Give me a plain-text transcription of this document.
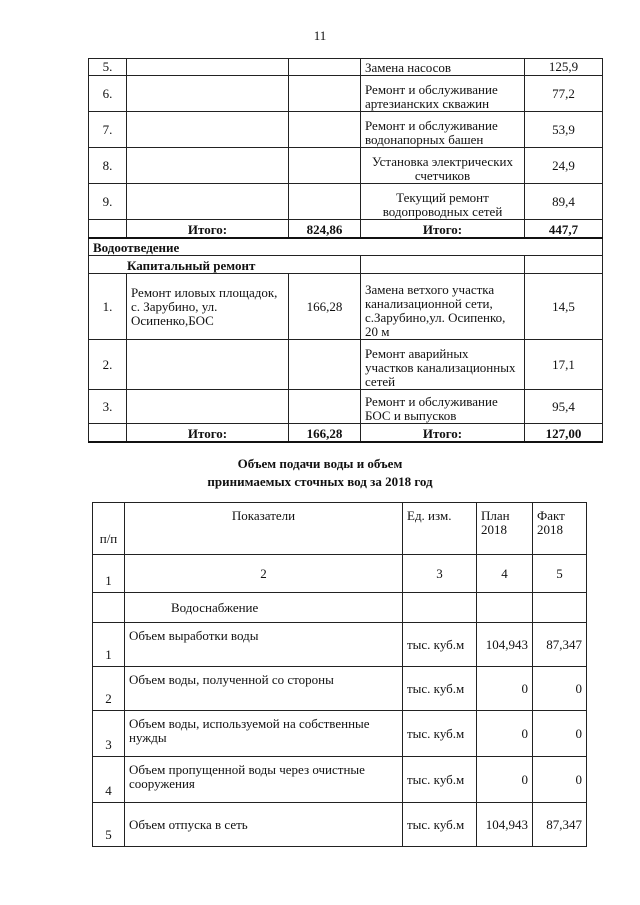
11
5.			Замена насосов	125,9
6.			Ремонт и обслуживание артезианских скважин	77,2
7.			Ремонт и обслуживание водонапорных башен	53,9
8.			Установка электрических счетчиков	24,9
9.			Текущий ремонт водопроводных сетей	89,4
	Итого:	824,86	Итого:	447,7
Водоотведение				
Капитальный ремонт				
1.	Ремонт иловых площадок, с. Зарубино, ул. Осипенко,БОС	166,28	Замена ветхого участка канализационной сети, с.Зарубино,ул. Осипенко, 20 м	14,5
2.			Ремонт аварийных участков канализационных сетей	17,1
3.			Ремонт и обслуживание БОС и выпусков	95,4
	Итого:	166,28	Итого:	127,00
Объем подачи воды и объем
принимаемых сточных вод за 2018 год
п/п	Показатели	Ед. изм.	План 2018	Факт 2018
1	2	3	4	5
	Водоснабжение			
1	Объем выработки воды	тыс. куб.м	104,943	87,347
2	Объем воды, полученной со стороны	тыс. куб.м	0	0
3	Объем воды, используемой на собственные нужды	тыс. куб.м	0	0
4	Объем пропущенной воды через очистные сооружения	тыс. куб.м	0	0
5	Объем отпуска в сеть	тыс. куб.м	104,943	87,347
